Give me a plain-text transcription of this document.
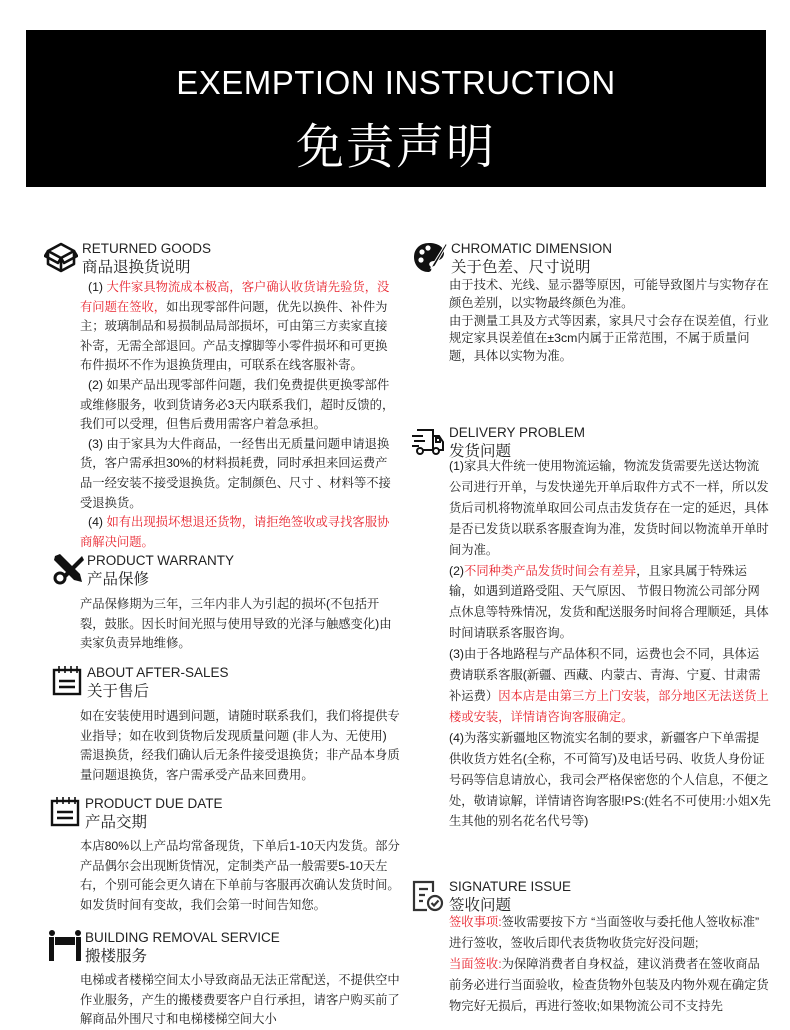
EXEMPTION INSTRUCTION
免责声明
RETURNED GOODS
商品退换货说明

(1) 大件家具物流成本极高，客户确认收货请先验货，没有问题在签收，如出现零部件问题，优先以换件、补件为主；玻璃制品和易损制品局部损坏，可由第三方卖家直接补寄，无需全部退回。产品支撑脚等小零件损坏和可更换布件损坏不作为退换货理由，可联系在线客服补寄。

(2) 如果产品出现零部件问题，我们免费提供更换零部件或维修服务，收到货请务必3天内联系我们，超时反馈的，我们可以受理，但售后费用需客户着急承担。

(3) 由于家具为大件商品，一经售出无质量问题申请退换货，客户需承担30%的材料损耗费，同时承担来回运费产品一经安装不接受退换货。定制颜色、尺寸 、材料等不接受退换货。

(4) 如有出现损坏想退还货物，请拒绝签收或寻找客服协商解决问题。

PRODUCT WARRANTY
产品保修

产品保修期为三年，三年内非人为引起的损坏(不包括开裂，鼓胀。因长时间光照与使用导致的光泽与触感变化)由卖家负责异地维修。

ABOUT AFTER-SALES
关于售后

如在安装使用时遇到问题，请随时联系我们，我们将提供专业指导；如在收到货物后发现质量问题 (非人为、无使用) 需退换货，经我们确认后无条件接受退换货；非产品本身质量问题退换货，客户需承受产品来回费用。

PRODUCT DUE DATE
产品交期

本店80%以上产品均常备现货，下单后1-10天内发货。部分产品偶尔会出现断货情况，定制类产品一般需要5-10天左右，个别可能会更久请在下单前与客服再次确认发货时间。如发货时间有变故，我们会第一时间告知您。

BUILDING REMOVAL SERVICE
搬楼服务

电梯或者楼梯空间太小导致商品无法正常配送，不提供空中作业服务，产生的搬楼费要客户自行承担，请客户购买前了解商品外围尺寸和电梯楼梯空间大小

CHROMATIC DIMENSION
关于色差、尺寸说明

由于技术、光线、显示器等原因，可能导致图片与实物存在颜色差别，以实物最终颜色为准。

由于测量工具及方式等因素，家具尺寸会存在误差值，行业规定家具误差值在±3cm内属于正常范围，不属于质量问题，具体以实物为准。

DELIVERY PROBLEM
发货问题

(1)家具大件统一使用物流运输，物流发货需要先送达物流公司进行开单，与发快递先开单后取件方式不一样，所以发货后司机将物流单取回公司点击发货存在一定的延迟，具体是否已发货以联系客服查询为准，发货时间以物流单开单时间为准。

(2)不同种类产品发货时间会有差异，且家具属于特殊运输，如遇到道路受阻、天气原因、 节假日物流公司部分网点休息等特殊情况，发货和配送服务时间将合理顺延，具体时间请联系客服咨询。

(3)由于各地路程与产品体积不同，运费也会不同，具体运费请联系客服(新疆、西藏、内蒙古、青海、宁夏、甘肃需补运费）因本店是由第三方上门安装，部分地区无法送货上楼或安装，详情请咨询客服确定。

(4)为落实新疆地区物流实名制的要求，新疆客户下单需提供收货方姓名(全称，不可简写)及电话号码、收货人身份证号码等信息请放心，我司会严格保密您的个人信息，不便之处，敬请谅解，详情请咨询客服!PS:(姓名不可使用:小姐X先生其他的别名花名代号等)

SIGNATURE ISSUE
签收问题

签收事项:签收需要按下方 “当面签收与委托他人签收标准” 进行签收，签收后即代表货物收货完好没问题;

当面签收:为保障消费者自身权益，建议消费者在签收商品前务必进行当面验收，检查货物外包装及内物外观在确定货物完好无损后，再进行签收;如果物流公司不支持先
